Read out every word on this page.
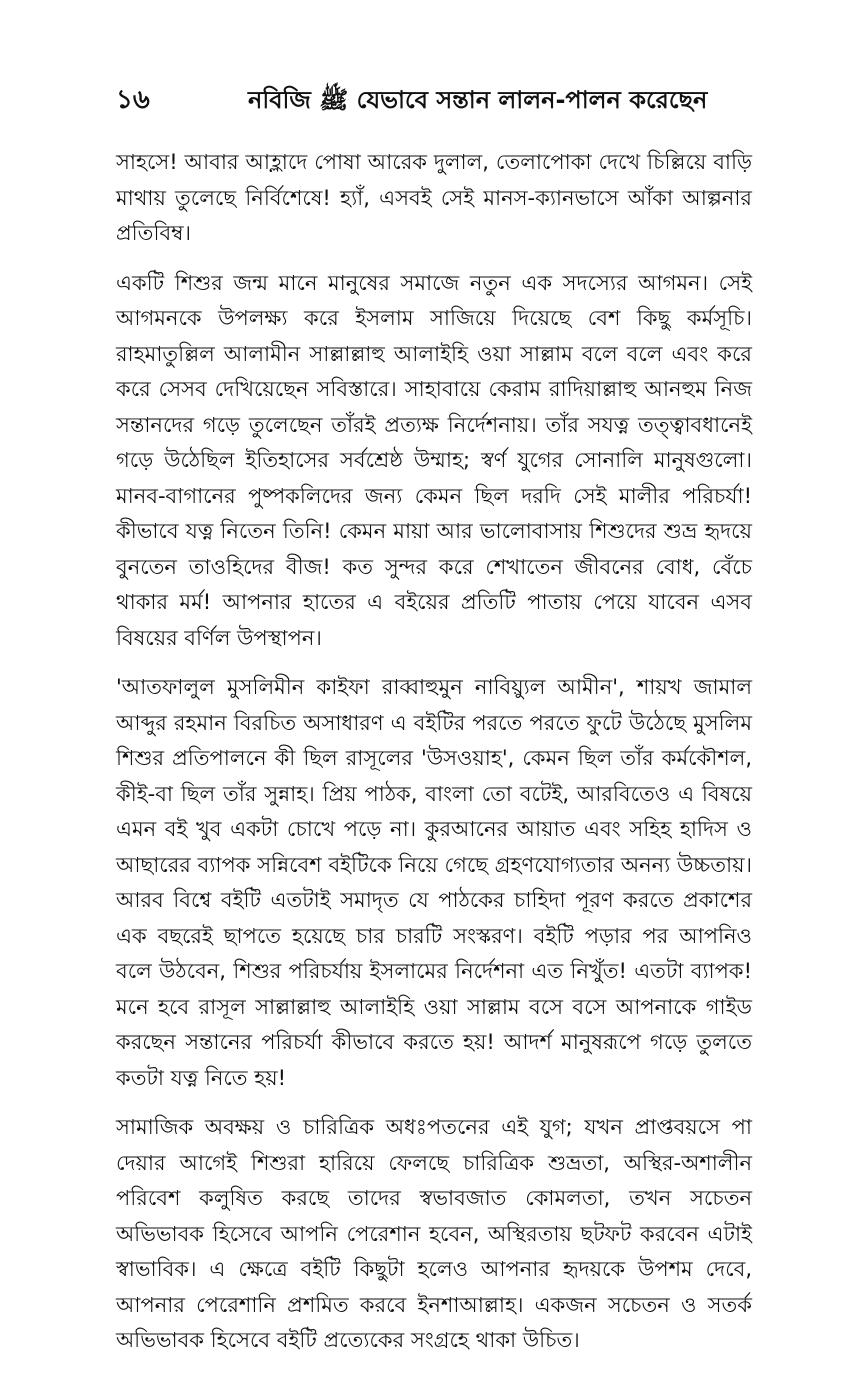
১৬	নবিজি ﷺ যেভাবে সন্তান লালন-পালন করেছেন

সাহসে! আবার আহ্লাদে পোষা আরেক দুলাল, তেলাপোকা দেখে চিল্লিয়ে বাড়ি মাথায় তুলেছে নির্বিশেষে! হ্যাঁ, এসবই সেই মানস-ক্যানভাসে আঁকা আল্পনার প্রতিবিম্ব।

একটি শিশুর জন্ম মানে মানুষের সমাজে নতুন এক সদস্যের আগমন। সেই আগমনকে উপলক্ষ্য করে ইসলাম সাজিয়ে দিয়েছে বেশ কিছু কর্মসূচি। রাহমাতুল্লিল আলামীন সাল্লাল্লাহু আলাইহি ওয়া সাল্লাম বলে বলে এবং করে করে সেসব দেখিয়েছেন সবিস্তারে। সাহাবায়ে কেরাম রাদিয়াল্লাহু আনহুম নিজ সন্তানদের গড়ে তুলেছেন তাঁরই প্রত্যক্ষ নির্দেশনায়। তাঁর সযত্ন তত্ত্বাবধানেই গড়ে উঠেছিল ইতিহাসের সর্বশ্রেষ্ঠ উম্মাহ; স্বর্ণ যুগের সোনালি মানুষগুলো। মানব-বাগানের পুষ্পকলিদের জন্য কেমন ছিল দরদি সেই মালীর পরিচর্যা! কীভাবে যত্ন নিতেন তিনি! কেমন মায়া আর ভালোবাসায় শিশুদের শুভ্র হৃদয়ে বুনতেন তাওহিদের বীজ! কত সুন্দর করে শেখাতেন জীবনের বোধ, বেঁচে থাকার মর্ম! আপনার হাতের এ বইয়ের প্রতিটি পাতায় পেয়ে যাবেন এসব বিষয়ের বর্ণিল উপস্থাপন।

'আতফালুল মুসলিমীন কাইফা রাব্বাহুমুন নাবিয়্যুল আমীন', শায়খ জামাল আব্দুর রহমান বিরচিত অসাধারণ এ বইটির পরতে পরতে ফুটে উঠেছে মুসলিম শিশুর প্রতিপালনে কী ছিল রাসূলের 'উসওয়াহ', কেমন ছিল তাঁর কর্মকৌশল, কীই-বা ছিল তাঁর সুন্নাহ। প্রিয় পাঠক, বাংলা তো বটেই, আরবিতেও এ বিষয়ে এমন বই খুব একটা চোখে পড়ে না। কুরআনের আয়াত এবং সহিহ হাদিস ও আছারের ব্যাপক সন্নিবেশ বইটিকে নিয়ে গেছে গ্রহণযোগ্যতার অনন্য উচ্চতায়। আরব বিশ্বে বইটি এতটাই সমাদৃত যে পাঠকের চাহিদা পূরণ করতে প্রকাশের এক বছরেই ছাপতে হয়েছে চার চারটি সংস্করণ। বইটি পড়ার পর আপনিও বলে উঠবেন, শিশুর পরিচর্যায় ইসলামের নির্দেশনা এত নিখুঁত! এতটা ব্যাপক! মনে হবে রাসূল সাল্লাল্লাহু আলাইহি ওয়া সাল্লাম বসে বসে আপনাকে গাইড করছেন সন্তানের পরিচর্যা কীভাবে করতে হয়! আদর্শ মানুষরূপে গড়ে তুলতে কতটা যত্ন নিতে হয়!

সামাজিক অবক্ষয় ও চারিত্রিক অধঃপতনের এই যুগ; যখন প্রাপ্তবয়সে পা দেয়ার আগেই শিশুরা হারিয়ে ফেলছে চারিত্রিক শুভ্রতা, অস্থির-অশালীন পরিবেশ কলুষিত করছে তাদের স্বভাবজাত কোমলতা, তখন সচেতন অভিভাবক হিসেবে আপনি পেরেশান হবেন, অস্থিরতায় ছটফট করবেন এটাই স্বাভাবিক। এ ক্ষেত্রে বইটি কিছুটা হলেও আপনার হৃদয়কে উপশম দেবে, আপনার পেরেশানি প্রশমিত করবে ইনশাআল্লাহ। একজন সচেতন ও সতর্ক অভিভাবক হিসেবে বইটি প্রত্যেকের সংগ্রহে থাকা উচিত।
